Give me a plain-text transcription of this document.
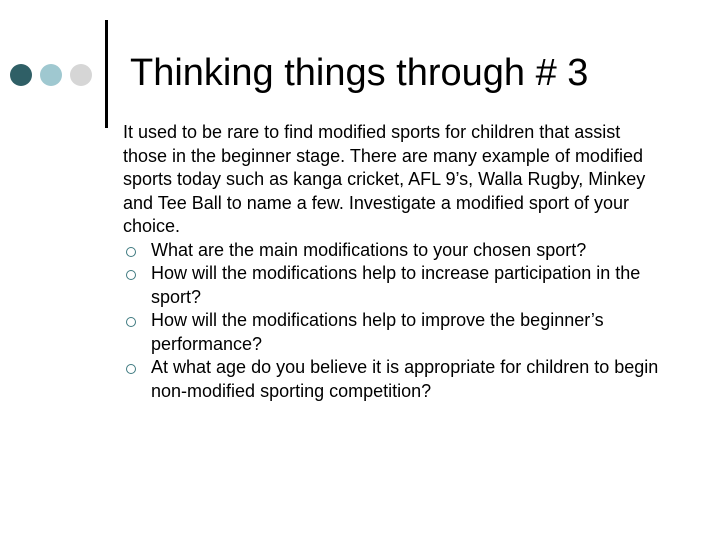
Thinking things through # 3

It used to be rare to find modified sports for children that assist those in the beginner stage. There are many example of modified sports today such as kanga cricket, AFL 9’s, Walla Rugby, Minkey and Tee Ball to name a few. Investigate a modified sport of your choice.

What are the main modifications to your chosen sport?
How will the modifications help to increase participation in the sport?
How will the modifications help to improve the beginner’s performance?
At what age do you believe it is appropriate for children to begin non-modified sporting competition?
